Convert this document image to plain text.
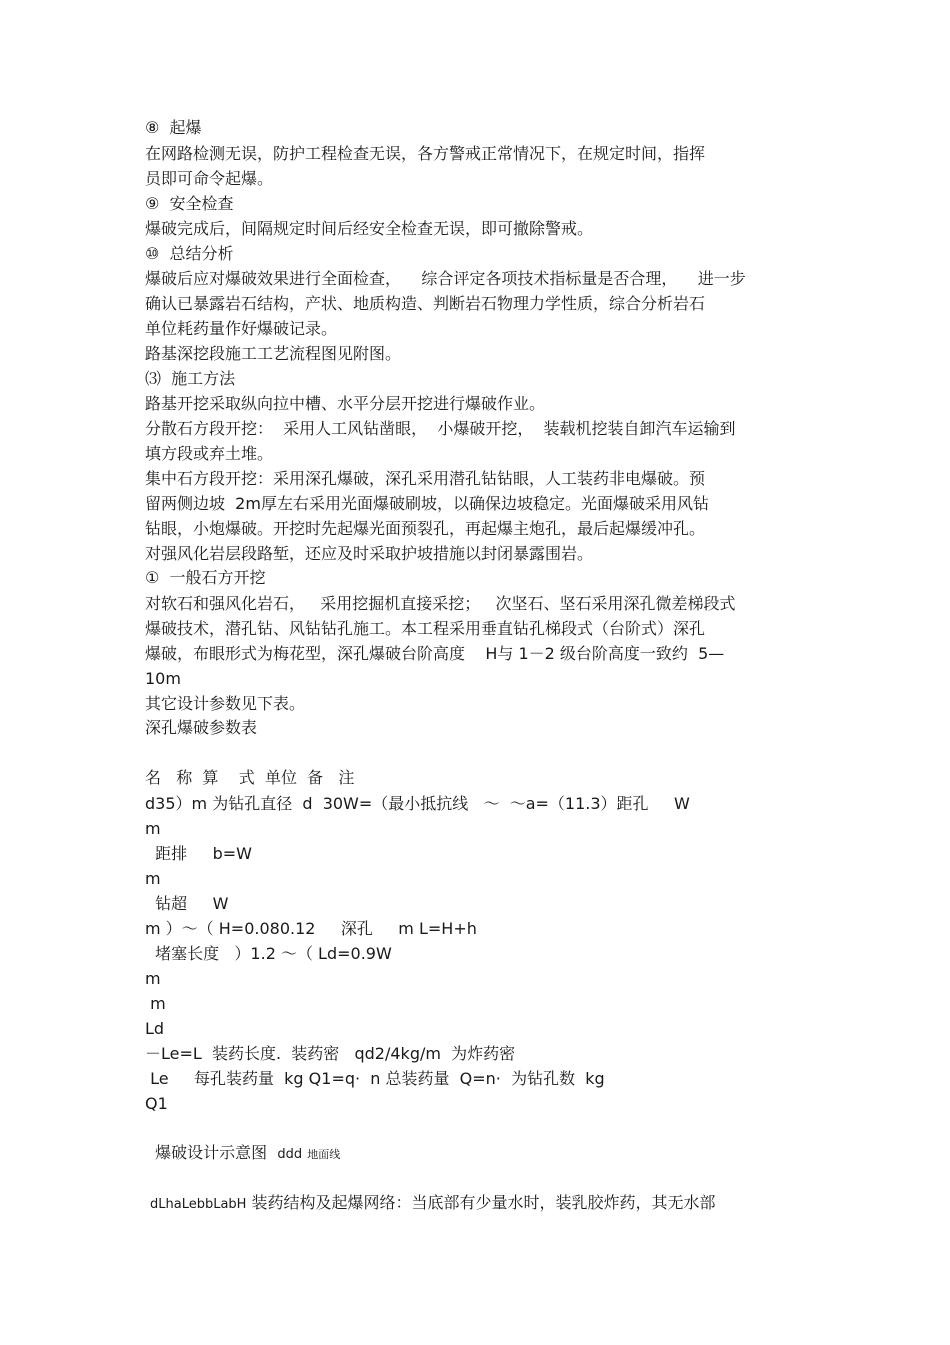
⑧  起爆
在网路检测无误，防护工程检查无误，各方警戒正常情况下，在规定时间，指挥
员即可命令起爆。
⑨  安全检查
爆破完成后，间隔规定时间后经安全检查无误，即可撤除警戒。
⑩  总结分析
爆破后应对爆破效果进行全面检查，    综合评定各项技术指标量是否合理，    进一步
确认已暴露岩石结构，产状、地质构造、判断岩石物理力学性质，综合分析岩石
单位耗药量作好爆破记录。
路基深挖段施工工艺流程图见附图。
⑶  施工方法
路基开挖采取纵向拉中槽、水平分层开挖进行爆破作业。
分散石方段开挖：  采用人工风钻凿眼，  小爆破开挖，  装载机挖装自卸汽车运输到
填方段或弃土堆。
集中石方段开挖：采用深孔爆破，深孔采用潜孔钻钻眼，人工装药非电爆破。预
留两侧边坡  2m厚左右采用光面爆破刷坡，以确保边坡稳定。光面爆破采用风钻
钻眼，小炮爆破。开挖时先起爆光面预裂孔，再起爆主炮孔，最后起爆缓冲孔。
对强风化岩层段路堑，还应及时采取护坡措施以封闭暴露围岩。
①  一般石方开挖
对软石和强风化岩石，   采用挖掘机直接采挖；   次坚石、坚石采用深孔微差梯段式
爆破技术，潜孔钻、风钻钻孔施工。本工程采用垂直钻孔梯段式（台阶式）深孔
爆破，布眼形式为梅花型，深孔爆破台阶高度    H与 1－2 级台阶高度一致约  5—
10m
其它设计参数见下表。
深孔爆破参数表
名   称  算    式  单位  备   注
d35）m 为钻孔直径  d  30W=（最小抵抗线   ～  ～a=（11.3）距孔     W
m
距排     b=W
m
钻超     W
m ）～（ H=0.080.12     深孔     m L=H+h
堵塞长度   ）1.2 ～（ Ld=0.9W
m
m
Ld
－Le=L  装药长度.  装药密   qd2/4kg/m  为炸药密
Le     每孔装药量  kg Q1=q·  n 总装药量  Q=n·  为钻孔数  kg
Q1
爆破设计示意图 ddd 地面线
dLhaLebbLabH 装药结构及起爆网络：当底部有少量水时，装乳胶炸药，其无水部
